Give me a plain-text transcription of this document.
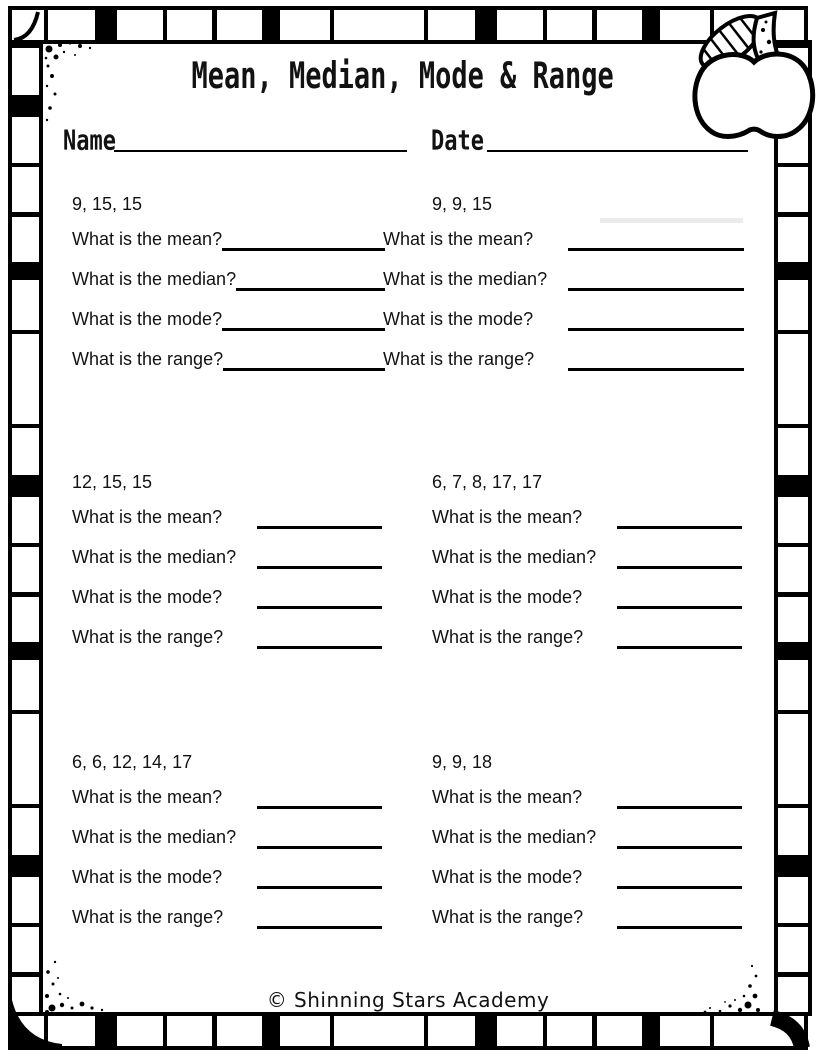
Mean, Median, Mode & Range
Name	Date
9, 15, 15
What is the mean?
What is the median?
What is the mode?
What is the range?
9, 9, 15
What is the mean?
What is the median?
What is the mode?
What is the range?
12, 15, 15
What is the mean?
What is the median?
What is the mode?
What is the range?
6, 7, 8, 17, 17
What is the mean?
What is the median?
What is the mode?
What is the range?
6, 6, 12, 14, 17
What is the mean?
What is the median?
What is the mode?
What is the range?
9, 9, 18
What is the mean?
What is the median?
What is the mode?
What is the range?
© Shinning Stars Academy
